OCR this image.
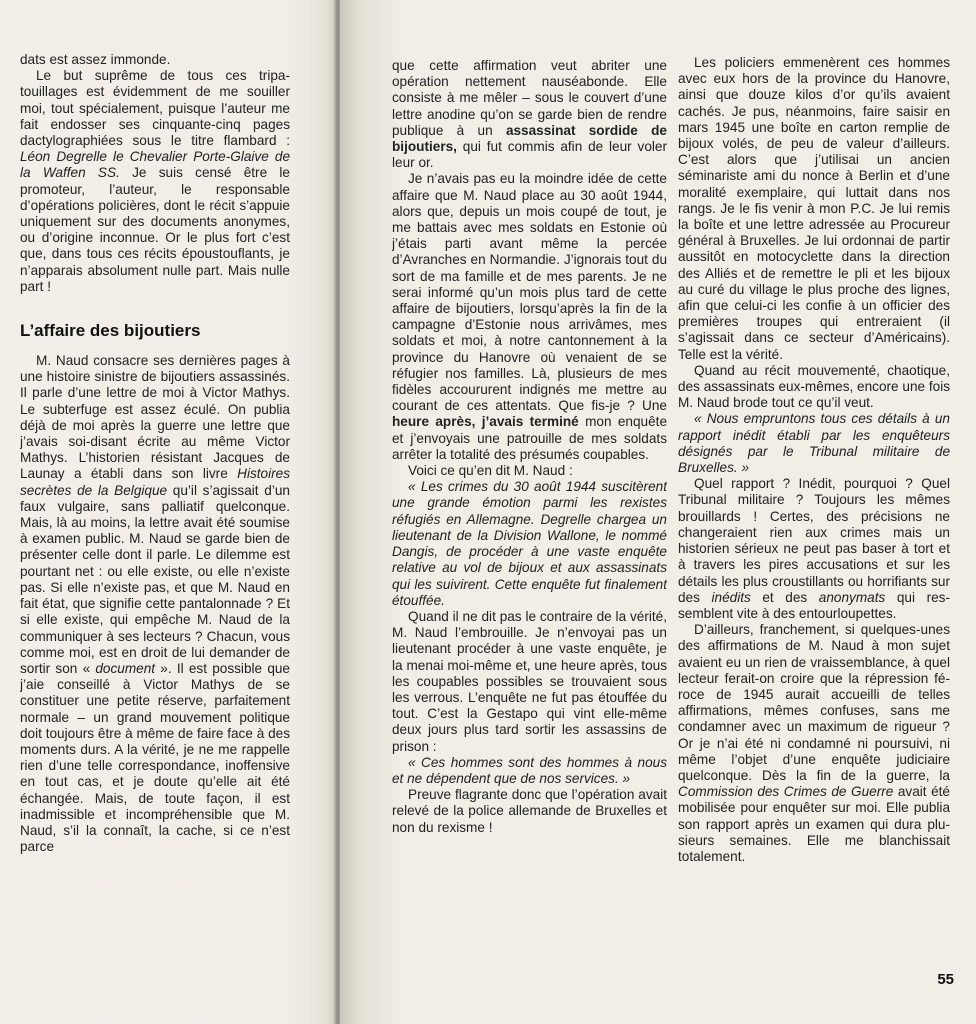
dats est assez immonde.

Le but suprême de tous ces tripatouillages est évidemment de me souiller moi, tout spécialement, puisque l’auteur me fait endosser ses cinquante-cinq pages dactylographiées sous le titre flambard : Léon Degrelle le Chevalier Porte-Glaive de la Waffen SS. Je suis censé être le promoteur, l’auteur, le responsable d’opérations policières, dont le récit s’appuie uniquement sur des documents anonymes, ou d’origine inconnue. Or le plus fort c’est que, dans tous ces récits époustouflants, je n’apparais absolument nulle part. Mais nulle part !

L’affaire des bijoutiers

M. Naud consacre ses dernières pages à une histoire sinistre de bijoutiers assassinés. Il parle d’une lettre de moi à Victor Mathys. Le subterfuge est assez éculé. On publia déjà de moi après la guerre une lettre que j’avais soi-disant écrite au même Victor Mathys. L’historien résistant Jacques de Launay a établi dans son livre Histoires secrètes de la Belgique qu’il s’agissait d’un faux vulgaire, sans palliatif quelconque. Mais, là au moins, la lettre avait été soumise à examen public. M. Naud se garde bien de présenter celle dont il parle. Le dilemme est pourtant net : ou elle existe, ou elle n’existe pas. Si elle n’existe pas, et que M. Naud en fait état, que signifie cette pantalonnade ? Et si elle existe, qui empêche M. Naud de la communiquer à ses lecteurs ? Chacun, vous comme moi, est en droit de lui demander de sortir son « document ». Il est possible que j’aie conseillé à Victor Mathys de se constituer une petite réserve, parfaitement normale – un grand mouvement politique doit toujours être à même de faire face à des moments durs. A la vérité, je ne me rappelle rien d’une telle correspondance, inoffensive en tout cas, et je doute qu’elle ait été échangée. Mais, de toute façon, il est inadmissible et incompréhensible que M. Naud, s’il la connaît, la cache, si ce n’est parce

que cette affirmation veut abriter une opération nettement nauséabonde. Elle consiste à me mêler – sous le couvert d’une lettre anodine qu’on se garde bien de rendre publique à un assassinat sordide de bijoutiers, qui fut commis afin de leur voler leur or.

Je n’avais pas eu la moindre idée de cette affaire que M. Naud place au 30 août 1944, alors que, depuis un mois coupé de tout, je me battais avec mes soldats en Estonie où j’étais parti avant même la percée d’Avranches en Normandie. J’ignorais tout du sort de ma famille et de mes parents. Je ne serai informé qu’un mois plus tard de cette affaire de bijoutiers, lorsqu’après la fin de la campagne d’Estonie nous arrivâmes, mes soldats et moi, à notre cantonnement à la province du Hanovre où venaient de se réfugier nos familles. Là, plusieurs de mes fidèles accoururent indignés me mettre au courant de ces attentats. Que fis-je ? Une heure après, j’avais terminé mon enquête et j’envoyais une patrouille de mes soldats arrêter la totalité des présumés coupables.

Voici ce qu’en dit M. Naud :

« Les crimes du 30 août 1944 suscitèrent une grande émotion parmi les rexistes réfugiés en Allemagne. Degrelle chargea un lieutenant de la Division Wallone, le nommé Dangis, de procéder à une vaste enquête relative au vol de bijoux et aux assassinats qui les suivirent. Cette enquête fut finalement étouffée.

Quand il ne dit pas le contraire de la vérité, M. Naud l’embrouille. Je n’envoyai pas un lieutenant procéder à une vaste enquête, je la menai moi-même et, une heure après, tous les coupables possibles se trouvaient sous les verrous. L’enquête ne fut pas étouffée du tout. C’est la Gestapo qui vint elle-même deux jours plus tard sortir les assassins de prison :

« Ces hommes sont des hommes à nous et ne dépendent que de nos services. »

Preuve flagrante donc que l’opération avait relevé de la police allemande de Bruxelles et non du rexisme !

Les policiers emmenèrent ces hommes avec eux hors de la province du Hanovre, ainsi que douze kilos d’or qu’ils avaient cachés. Je pus, néanmoins, faire saisir en mars 1945 une boîte en carton remplie de bijoux volés, de peu de valeur d’ailleurs. C’est alors que j’utilisai un ancien séminariste ami du nonce à Berlin et d’une moralité exemplaire, qui luttait dans nos rangs. Je le fis venir à mon P.C. Je lui remis la boîte et une lettre adressée au Procureur général à Bruxelles. Je lui ordonnai de partir aussitôt en motocyclette dans la direction des Alliés et de remettre le pli et les bijoux au curé du village le plus proche des lignes, afin que celui-ci les confie à un officier des premières troupes qui entreraient (il s’agissait dans ce secteur d’Américains). Telle est la vérité.

Quand au récit mouvementé, chaotique, des assassinats eux-mêmes, encore une fois M. Naud brode tout ce qu’il veut.

« Nous empruntons tous ces détails à un rapport inédit établi par les enquêteurs désignés par le Tribunal militaire de Bruxelles. »

Quel rapport ? Inédit, pourquoi ? Quel Tribunal militaire ? Toujours les mêmes brouillards ! Certes, des précisions ne changeraient rien aux crimes mais un historien sérieux ne peut pas baser à tort et à travers les pires accusations et sur les détails les plus croustillants ou horrifiants sur des inédits et des anonymats qui ressemblent vite à des entourloupettes.

D’ailleurs, franchement, si quelques-unes des affirmations de M. Naud à mon sujet avaient eu un rien de vraissemblance, à quel lecteur ferait-on croire que la répression féroce de 1945 aurait accueilli de telles affirmations, mêmes confuses, sans me condamner avec un maximum de rigueur ? Or je n’ai été ni condamné ni poursuivi, ni même l’objet d’une enquête judiciaire quelconque. Dès la fin de la guerre, la Commission des Crimes de Guerre avait été mobilisée pour enquêter sur moi. Elle publia son rapport après un examen qui dura plusieurs semaines. Elle me blanchissait totalement.

55
